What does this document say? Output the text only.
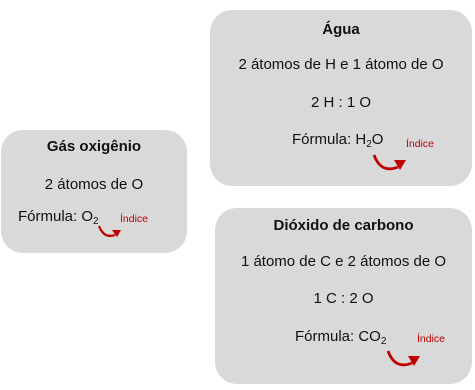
Gás oxigênio
2 átomos de O
Fórmula: $O_2$	Índice
Água
2 átomos de H e 1 átomo de O
2 H : 1 O
Fórmula: $H_2O$	Índice
Dióxido de carbono
1 átomo de C e 2 átomos de O
1 C : 2 O
Fórmula: $CO_2$	Índice
